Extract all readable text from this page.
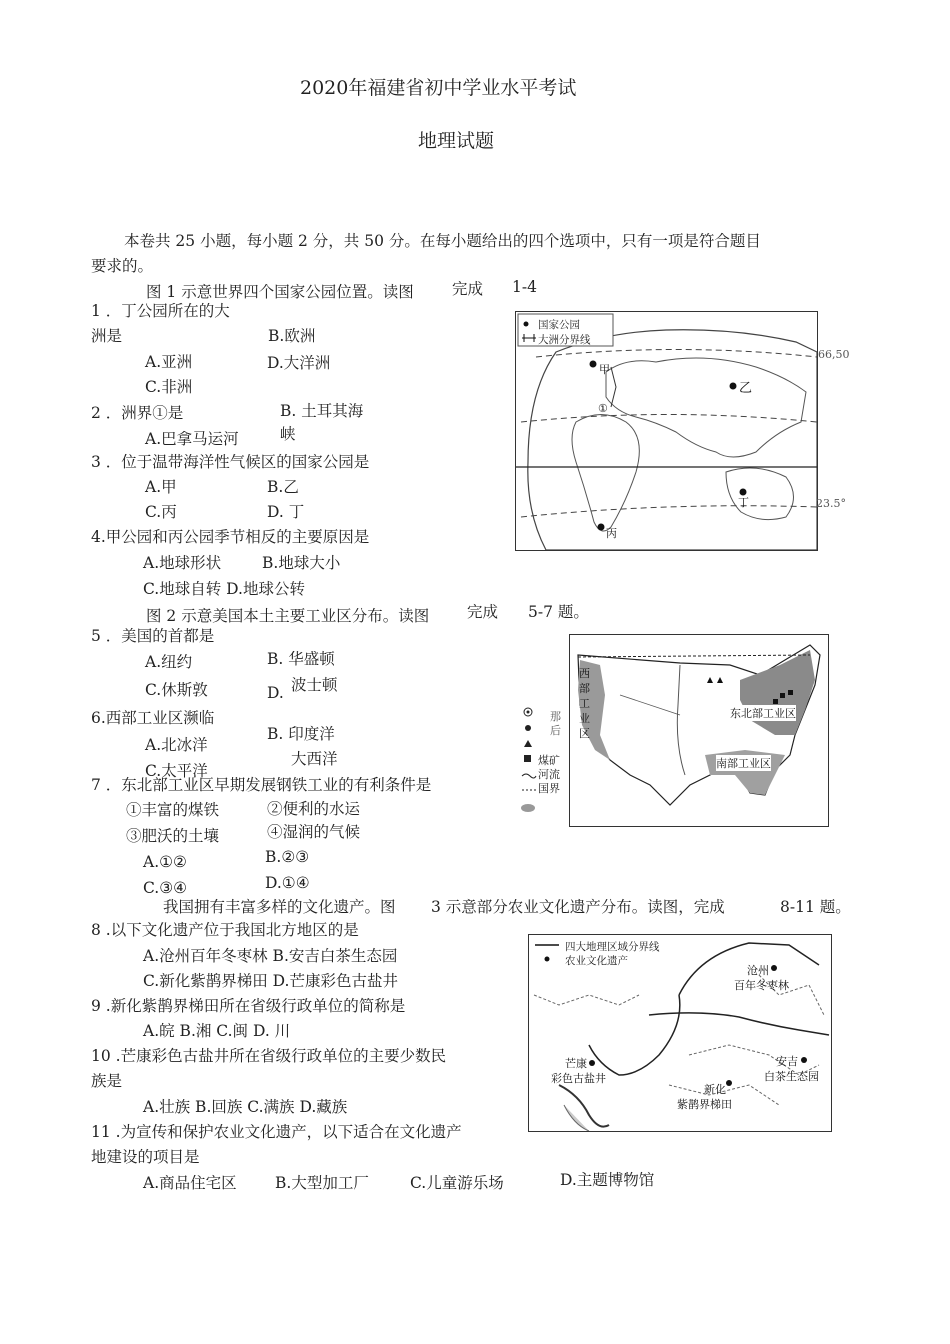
2020年福建省初中学业水平考试
地理试题
本卷共 25 小题，每小题 2 分，共 50 分。在每小题给出的四个选项中，只有一项是符合题目
要求的。
图 1 示意世界四个国家公园位置。读图 完成 1-4
1 ．丁公园所在的大
洲是	B.欧洲
A.亚洲	D.大洋洲
C.非洲
2 ．洲界①是	B. 土耳其海
A.巴拿马运河	峡
3 ．位于温带海洋性气候区的国家公园是
A.甲	B.乙
C.丙	D. 丁
4.甲公园和丙公园季节相反的主要原因是
A.地球形状	B.地球大小
C.地球自转 D.地球公转
国家公园
大洲分界线
甲
乙
①
丁
丙
66,50
23.5°
图 2 示意美国本土主要工业区分布。读图 完成 5-7 题。
5 ．美国的首都是
B. 华盛顿
A.纽约
波士顿
C.休斯敦	D.
6.西部工业区濒临
B. 印度洋
A.北冰洋
大西洋
C.太平洋
7 ．东北部工业区早期发展钢铁工业的有利条件是
①丰富的煤铁	②便利的水运
③肥沃的土壤	④湿润的气候
A.①②	B.②③
C.③④	D.①④
那
后
煤矿
河流
国界
西
部
工
业
区
东北部工业区
南部工业区
我国拥有丰富多样的文化遗产。图 3 示意部分农业文化遗产分布。读图，完成	8-11 题。
8 .以下文化遗产位于我国北方地区的是
A.沧州百年冬枣林 B.安吉白茶生态园
C.新化紫鹊界梯田 D.芒康彩色古盐井
9 .新化紫鹊界梯田所在省级行政单位的简称是
A.皖 B.湘 C.闽 D. 川
10 .芒康彩色古盐井所在省级行政单位的主要少数民
族是
A.壮族 B.回族 C.满族 D.藏族
11 .为宣传和保护农业文化遗产，以下适合在文化遗产
地建设的项目是
A.商品住宅区 B.大型加工厂	C.儿童游乐场	D.主题博物馆
四大地理区域分界线
农业文化遗产
沧州
百年冬枣林
安吉
白茶生态园
芒康
彩色古盐井
新化
紫鹊界梯田
